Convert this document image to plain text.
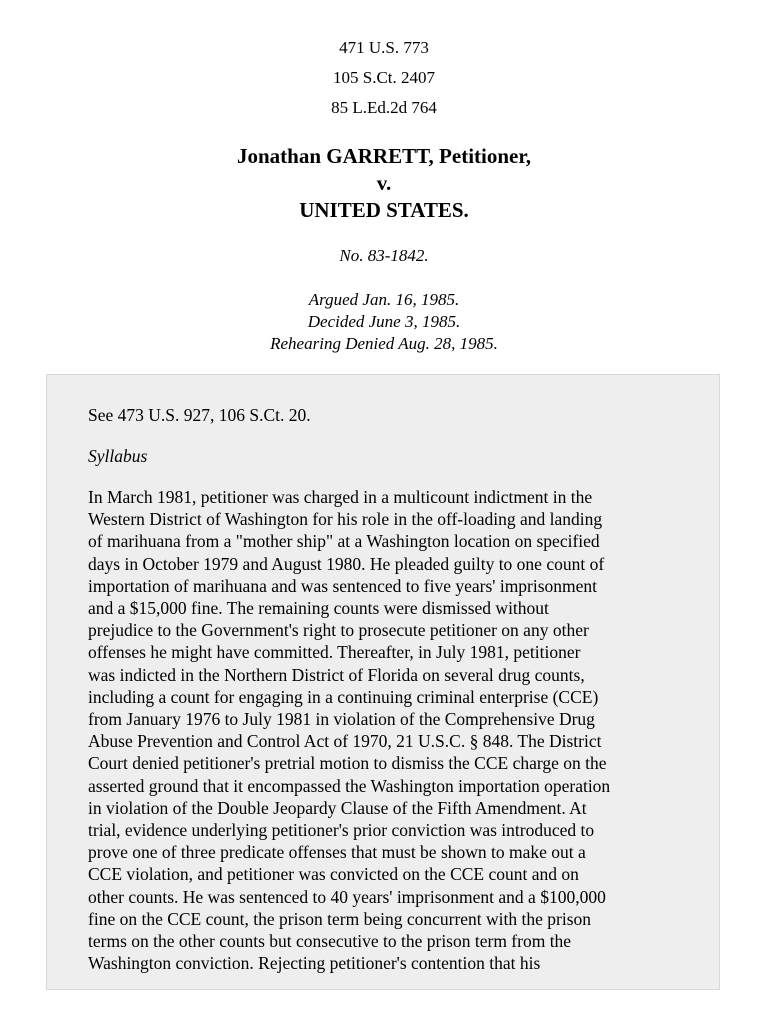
471 U.S. 773
105 S.Ct. 2407
85 L.Ed.2d 764
Jonathan GARRETT, Petitioner,
v.
UNITED STATES.
No. 83-1842.
Argued Jan. 16, 1985.
Decided June 3, 1985.
Rehearing Denied Aug. 28, 1985.

See 473 U.S. 927, 106 S.Ct. 20.

Syllabus

In March 1981, petitioner was charged in a multicount indictment in the
Western District of Washington for his role in the off-loading and landing
of marihuana from a "mother ship" at a Washington location on specified
days in October 1979 and August 1980. He pleaded guilty to one count of
importation of marihuana and was sentenced to five years' imprisonment
and a $15,000 fine. The remaining counts were dismissed without
prejudice to the Government's right to prosecute petitioner on any other
offenses he might have committed. Thereafter, in July 1981, petitioner
was indicted in the Northern District of Florida on several drug counts,
including a count for engaging in a continuing criminal enterprise (CCE)
from January 1976 to July 1981 in violation of the Comprehensive Drug
Abuse Prevention and Control Act of 1970, 21 U.S.C. § 848. The District
Court denied petitioner's pretrial motion to dismiss the CCE charge on the
asserted ground that it encompassed the Washington importation operation
in violation of the Double Jeopardy Clause of the Fifth Amendment. At
trial, evidence underlying petitioner's prior conviction was introduced to
prove one of three predicate offenses that must be shown to make out a
CCE violation, and petitioner was convicted on the CCE count and on
other counts. He was sentenced to 40 years' imprisonment and a $100,000
fine on the CCE count, the prison term being concurrent with the prison
terms on the other counts but consecutive to the prison term from the
Washington conviction. Rejecting petitioner's contention that his
